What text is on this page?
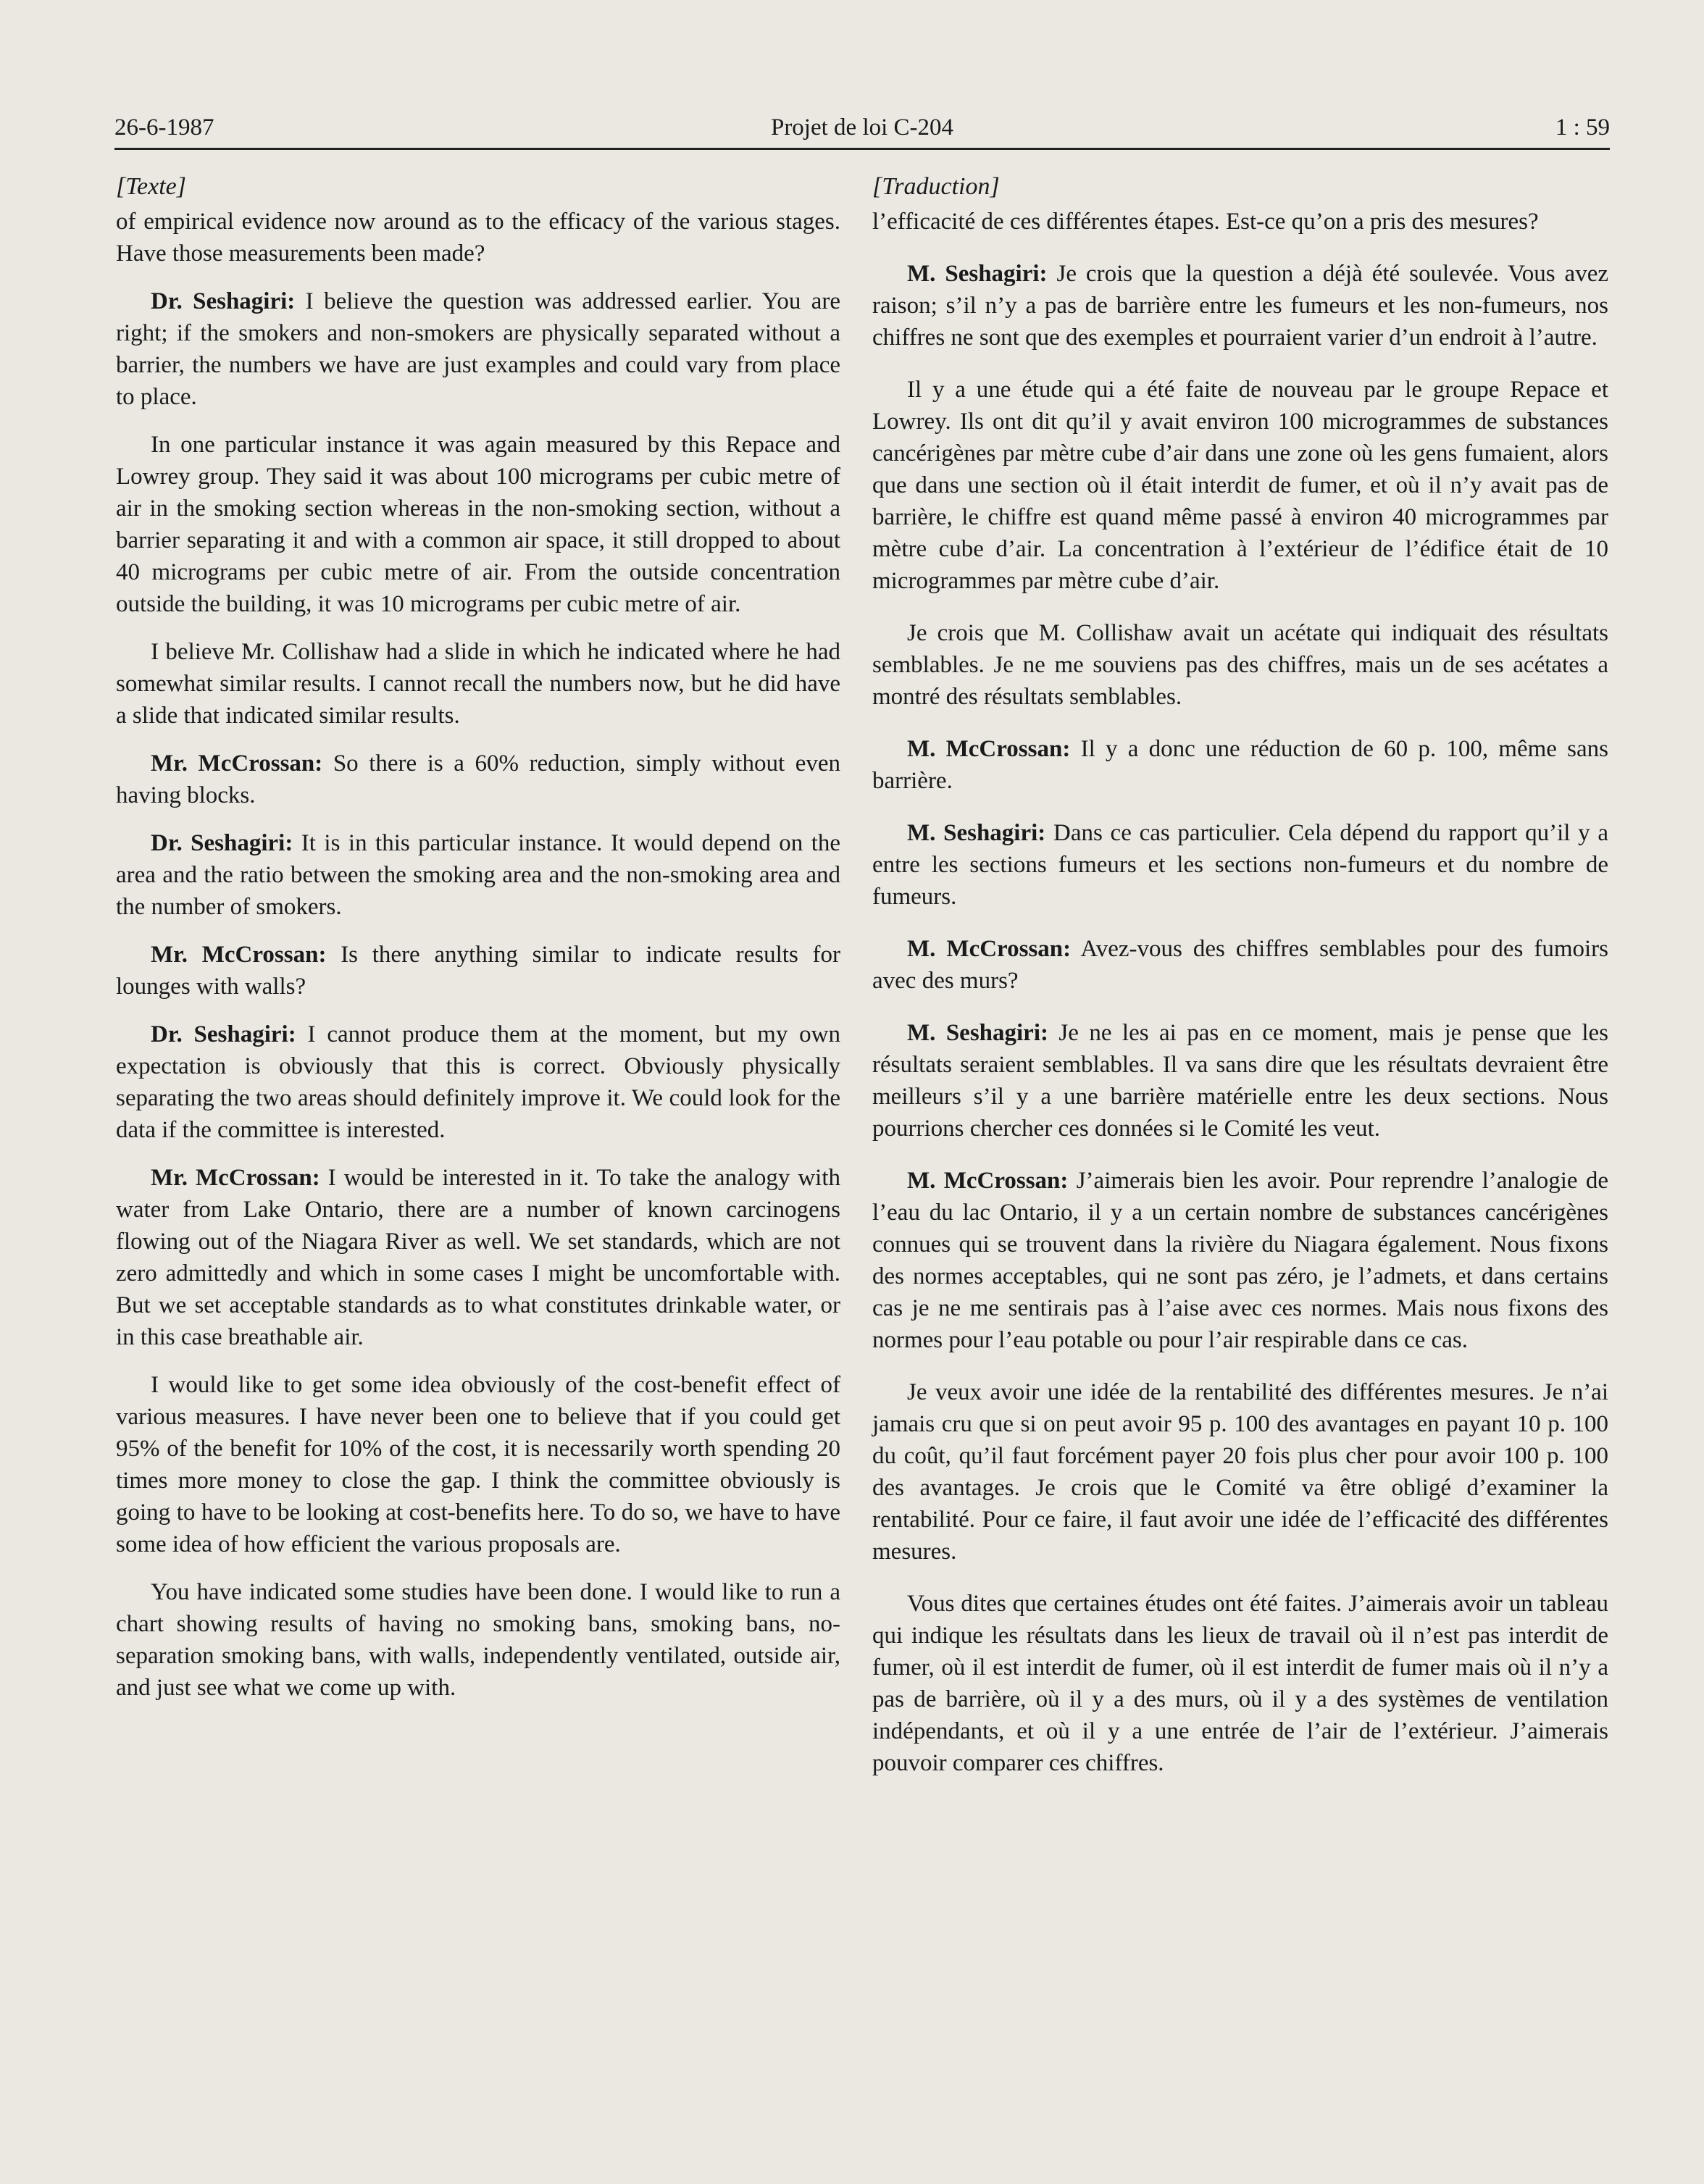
26-6-1987	Projet de loi C-204	1 : 59
[Texte]

of empirical evidence now around as to the efficacy of the various stages. Have those measurements been made?

Dr. Seshagiri: I believe the question was addressed earlier. You are right; if the smokers and non-smokers are physically separated without a barrier, the numbers we have are just examples and could vary from place to place.

In one particular instance it was again measured by this Repace and Lowrey group. They said it was about 100 micrograms per cubic metre of air in the smoking section whereas in the non-smoking section, without a barrier separating it and with a common air space, it still dropped to about 40 micrograms per cubic metre of air. From the outside concentration outside the building, it was 10 micrograms per cubic metre of air.

I believe Mr. Collishaw had a slide in which he indicated where he had somewhat similar results. I cannot recall the numbers now, but he did have a slide that indicated similar results.

Mr. McCrossan: So there is a 60% reduction, simply without even having blocks.

Dr. Seshagiri: It is in this particular instance. It would depend on the area and the ratio between the smoking area and the non-smoking area and the number of smokers.

Mr. McCrossan: Is there anything similar to indicate results for lounges with walls?

Dr. Seshagiri: I cannot produce them at the moment, but my own expectation is obviously that this is correct. Obviously physically separating the two areas should definitely improve it. We could look for the data if the committee is interested.

Mr. McCrossan: I would be interested in it. To take the analogy with water from Lake Ontario, there are a number of known carcinogens flowing out of the Niagara River as well. We set standards, which are not zero admittedly and which in some cases I might be uncomfortable with. But we set acceptable standards as to what constitutes drinkable water, or in this case breathable air.

I would like to get some idea obviously of the cost-benefit effect of various measures. I have never been one to believe that if you could get 95% of the benefit for 10% of the cost, it is necessarily worth spending 20 times more money to close the gap. I think the committee obviously is going to have to be looking at cost-benefits here. To do so, we have to have some idea of how efficient the various proposals are.

You have indicated some studies have been done. I would like to run a chart showing results of having no smoking bans, smoking bans, no-separation smoking bans, with walls, independently ventilated, outside air, and just see what we come up with.

[Traduction]

l’efficacité de ces différentes étapes. Est-ce qu’on a pris des mesures?

M. Seshagiri: Je crois que la question a déjà été soulevée. Vous avez raison; s’il n’y a pas de barrière entre les fumeurs et les non-fumeurs, nos chiffres ne sont que des exemples et pourraient varier d’un endroit à l’autre.

Il y a une étude qui a été faite de nouveau par le groupe Repace et Lowrey. Ils ont dit qu’il y avait environ 100 microgrammes de substances cancérigènes par mètre cube d’air dans une zone où les gens fumaient, alors que dans une section où il était interdit de fumer, et où il n’y avait pas de barrière, le chiffre est quand même passé à environ 40 microgrammes par mètre cube d’air. La concentration à l’extérieur de l’édifice était de 10 microgrammes par mètre cube d’air.

Je crois que M. Collishaw avait un acétate qui indiquait des résultats semblables. Je ne me souviens pas des chiffres, mais un de ses acétates a montré des résultats semblables.

M. McCrossan: Il y a donc une réduction de 60 p. 100, même sans barrière.

M. Seshagiri: Dans ce cas particulier. Cela dépend du rapport qu’il y a entre les sections fumeurs et les sections non-fumeurs et du nombre de fumeurs.

M. McCrossan: Avez-vous des chiffres semblables pour des fumoirs avec des murs?

M. Seshagiri: Je ne les ai pas en ce moment, mais je pense que les résultats seraient semblables. Il va sans dire que les résultats devraient être meilleurs s’il y a une barrière matérielle entre les deux sections. Nous pourrions chercher ces données si le Comité les veut.

M. McCrossan: J’aimerais bien les avoir. Pour reprendre l’analogie de l’eau du lac Ontario, il y a un certain nombre de substances cancérigènes connues qui se trouvent dans la rivière du Niagara également. Nous fixons des normes acceptables, qui ne sont pas zéro, je l’admets, et dans certains cas je ne me sentirais pas à l’aise avec ces normes. Mais nous fixons des normes pour l’eau potable ou pour l’air respirable dans ce cas.

Je veux avoir une idée de la rentabilité des différentes mesures. Je n’ai jamais cru que si on peut avoir 95 p. 100 des avantages en payant 10 p. 100 du coût, qu’il faut forcément payer 20 fois plus cher pour avoir 100 p. 100 des avantages. Je crois que le Comité va être obligé d’examiner la rentabilité. Pour ce faire, il faut avoir une idée de l’efficacité des différentes mesures.

Vous dites que certaines études ont été faites. J’aimerais avoir un tableau qui indique les résultats dans les lieux de travail où il n’est pas interdit de fumer, où il est interdit de fumer, où il est interdit de fumer mais où il n’y a pas de barrière, où il y a des murs, où il y a des systèmes de ventilation indépendants, et où il y a une entrée de l’air de l’extérieur. J’aimerais pouvoir comparer ces chiffres.
